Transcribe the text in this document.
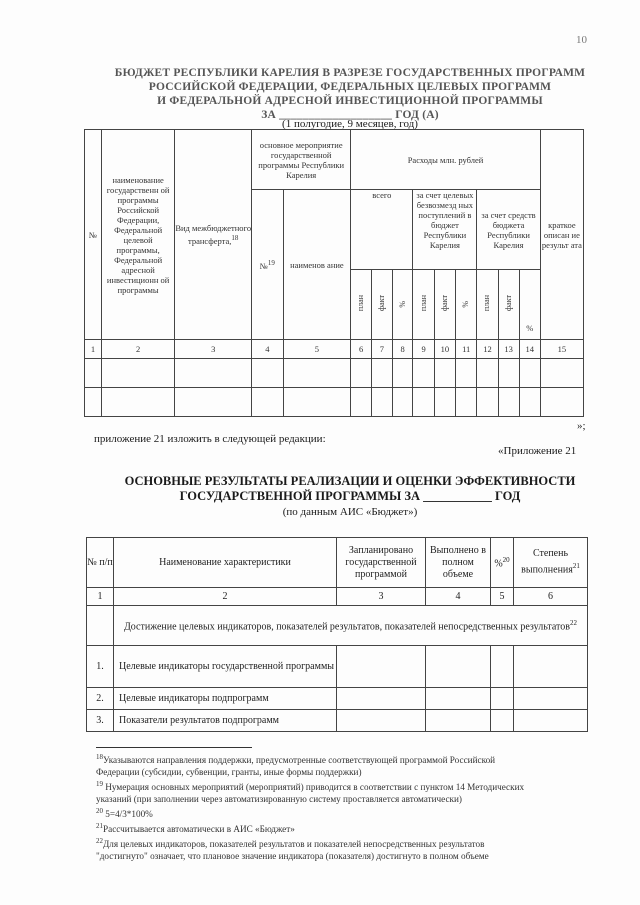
10
БЮДЖЕТ РЕСПУБЛИКИ КАРЕЛИЯ В РАЗРЕЗЕ ГОСУДАРСТВЕННЫХ ПРОГРАММ
РОССИЙСКОЙ ФЕДЕРАЦИИ, ФЕДЕРАЛЬНЫХ ЦЕЛЕВЫХ ПРОГРАММ
И ФЕДЕРАЛЬНОЙ АДРЕСНОЙ ИНВЕСТИЦИОННОЙ ПРОГРАММЫ
ЗА ___________________ ГОД (А)
(1 полугодие, 9 месяцев, год)
№	наименование государственн ой программы Российской Федерации, Федеральной целевой программы, Федеральной адресной инвестиционн ой программы	Вид межбюджетного трансферта,$^{18}$	основное мероприятие государственной программы Республики Карелия		Расходы млн. рублей									краткое описан ие результ ата
			№$^{19}$	наименов ание	всего			за счет целевых безвозмезд ных поступлений в бюджет Республики Карелия			за счет средств бюджета Республики Карелия			
					план	факт	%	план	факт	%	план	факт	%	
1	2	3	4	5	6	7	8	9	10	11	12	13	14	15

»;
приложение 21 изложить в следующей редакции:
«Приложение 21
ОСНОВНЫЕ РЕЗУЛЬТАТЫ РЕАЛИЗАЦИИ И ОЦЕНКИ ЭФФЕКТИВНОСТИ
ГОСУДАРСТВЕННОЙ ПРОГРАММЫ ЗА ___________ ГОД
(по данным АИС «Бюджет»)
№ п/п	Наименование характеристики	Запланировано государственной программой	Выполнено в полном объеме	%$^{20}$	Степень выполнения$^{21}$
1	2	3	4	5	6
	Достижение целевых индикаторов, показателей результатов, показателей непосредственных результатов$^{22}$
1.	Целевые индикаторы государственной программы				
2.	Целевые индикаторы подпрограмм				
3.	Показатели результатов подпрограмм				
$^{18}$Указываются направления поддержки, предусмотренные соответствующей программой Российской
Федерации (субсидии, субвенции, гранты, иные формы поддержки)
$^{19}$ Нумерация основных мероприятий (мероприятий) приводится в соответствии с пунктом 14 Методических
указаний (при заполнении через автоматизированную систему проставляется автоматически)
$^{20}$ 5=4/3*100%
$^{21}$Рассчитывается автоматически в АИС «Бюджет»
$^{22}$Для целевых индикаторов, показателей результатов и показателей непосредственных результатов
"достигнуто" означает, что плановое значение индикатора (показателя) достигнуто в полном объеме
